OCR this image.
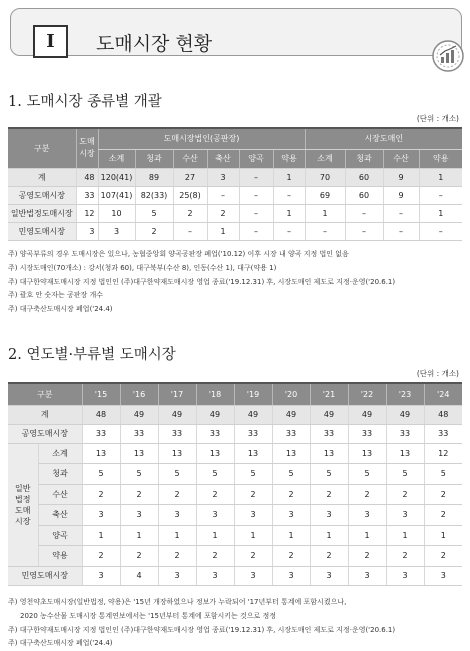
I	도매시장 현황
1. 도매시장 종류별 개괄
(단위 : 개소)
구분	도매
시장	도매시장법인(공판장)						시장도매인			
		소계	청과	수산	축산	양곡	약용	소계	청과	수산	약용
계	48	120(41)	89	27	3	–	1	70	60	9	1
공영도매시장	33	107(41)	82(33)	25(8)	–	–	–	69	60	9	–
일반법정도매시장	12	10	5	2	2	–	1	1	–	–	1
민영도매시장	3	3	2	–	1	–	–	–	–	–	–
주) 양곡부류의 경우 도매시장은 있으나, 농협중앙회 양곡공판장 폐업('10.12) 이후 시장 내 양곡 지정 법인 없음
주) 시장도매인(70개소) : 강서(청과 60), 대구북부(수산 8), 인동(수산 1), 대구(약용 1)
주) 대구한약재도매시장 지정 법인인 (주)대구한약재도매시장 영업 종료('19.12.31) 후, 시장도매인 제도로 지정·운영('20.6.1)
주) 괄호 안 숫자는 공판장 개수
주) 대구축산도매시장 폐업('24.4)
2. 연도별·부류별 도매시장
(단위 : 개소)
구분		'15	'16	'17	'18	'19	'20	'21	'22	'23	'24
계		48	49	49	49	49	49	49	49	49	48
공영도매시장		33	33	33	33	33	33	33	33	33	33
일반
법정
도매
시장	소계	13	13	13	13	13	13	13	13	13	12
	청과	5	5	5	5	5	5	5	5	5	5
	수산	2	2	2	2	2	2	2	2	2	2
	축산	3	3	3	3	3	3	3	3	3	2
	양곡	1	1	1	1	1	1	1	1	1	1
	약용	2	2	2	2	2	2	2	2	2	2
민영도매시장		3	4	3	3	3	3	3	3	3	3
주) 영천약초도매시장(일반법정, 약용)은 '15년 개장하였으나 정보가 누락되어 '17년부터 통계에 포함시켰으나,
2020 농수산물 도매시장 통계연보에서는 '15년부터 통계에 포함시키는 것으로 정정
주) 대구한약재도매시장 지정 법인인 (주)대구한약재도매시장 영업 종료('19.12.31) 후, 시장도매인 제도로 지정·운영('20.6.1)
주) 대구축산도매시장 폐업('24.4)
